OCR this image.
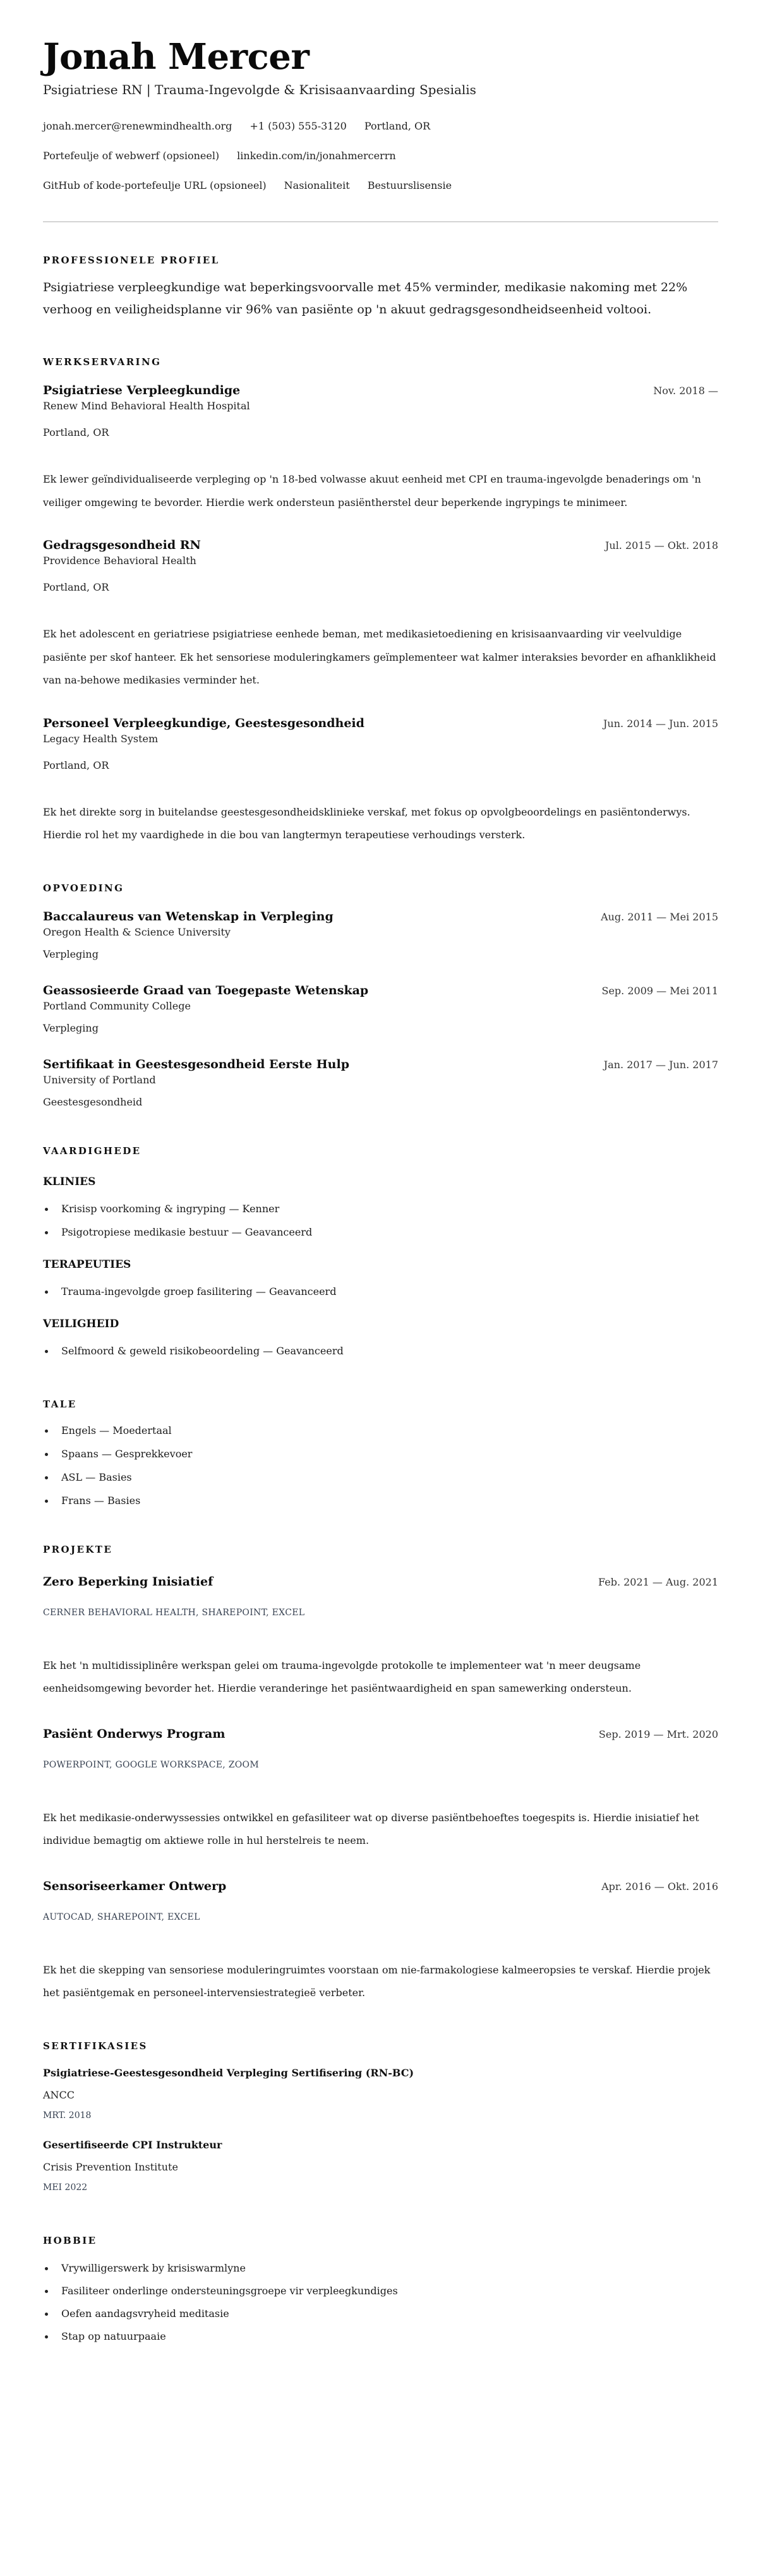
Jonah Mercer
Psigiatriese RN | Trauma-Ingevolgde & Krisisaanvaarding Spesialis
jonah.mercer@renewmindhealth.org +1 (503) 555-3120 Portland, OR
Portefeulje of webwerf (opsioneel) linkedin.com/in/jonahmercerrn
GitHub of kode-portefeulje URL (opsioneel) Nasionaliteit Bestuurslisensie
PROFESSIONELE PROFIEL

Psigiatriese verpleegkundige wat beperkingsvoorvalle met 45% verminder, medikasie nakoming met 22% verhoog en veiligheidsplanne vir 96% van pasiënte op 'n akuut gedragsgesondheidseenheid voltooi.

WERKSERVARING
Psigiatriese Verpleegkundige	Nov. 2018 —
Renew Mind Behavioral Health Hospital
Portland, OR

Ek lewer geïndividualiseerde verpleging op 'n 18-bed volwasse akuut eenheid met CPI en trauma-ingevolgde benaderings om 'n veiliger omgewing te bevorder. Hierdie werk ondersteun pasiëntherstel deur beperkende ingrypings te minimeer.

Gedragsgesondheid RN	Jul. 2015 — Okt. 2018
Providence Behavioral Health
Portland, OR

Ek het adolescent en geriatriese psigiatriese eenhede beman, met medikasietoediening en krisisaanvaarding vir veelvuldige pasiënte per skof hanteer. Ek het sensoriese moduleringkamers geïmplementeer wat kalmer interaksies bevorder en afhanklikheid van na-behowe medikasies verminder het.

Personeel Verpleegkundige, Geestesgesondheid	Jun. 2014 — Jun. 2015
Legacy Health System
Portland, OR

Ek het direkte sorg in buitelandse geestesgesondheidsklinieke verskaf, met fokus op opvolgbeoordelings en pasiëntonderwys. Hierdie rol het my vaardighede in die bou van langtermyn terapeutiese verhoudings versterk.

OPVOEDING
Baccalaureus van Wetenskap in Verpleging	Aug. 2011 — Mei 2015
Oregon Health & Science University
Verpleging
Geassosieerde Graad van Toegepaste Wetenskap	Sep. 2009 — Mei 2011
Portland Community College
Verpleging
Sertifikaat in Geestesgesondheid Eerste Hulp	Jan. 2017 — Jun. 2017
University of Portland
Geestesgesondheid
VAARDIGHEDE
KLINIES
Krisisp voorkoming & ingryping — Kenner
Psigotropiese medikasie bestuur — Geavanceerd
TERAPEUTIES
Trauma-ingevolgde groep fasilitering — Geavanceerd
VEILIGHEID
Selfmoord & geweld risikobeoordeling — Geavanceerd
TALE
Engels — Moedertaal
Spaans — Gesprekkevoer
ASL — Basies
Frans — Basies
PROJEKTE
Zero Beperking Inisiatief	Feb. 2021 — Aug. 2021
CERNER BEHAVIORAL HEALTH, SHAREPOINT, EXCEL

Ek het 'n multidissiplinêre werkspan gelei om trauma-ingevolgde protokolle te implementeer wat 'n meer deugsame eenheidsomgewing bevorder het. Hierdie veranderinge het pasiëntwaardigheid en span samewerking ondersteun.

Pasiënt Onderwys Program	Sep. 2019 — Mrt. 2020
POWERPOINT, GOOGLE WORKSPACE, ZOOM

Ek het medikasie-onderwyssessies ontwikkel en gefasiliteer wat op diverse pasiëntbehoeftes toegespits is. Hierdie inisiatief het individue bemagtig om aktiewe rolle in hul herstelreis te neem.

Sensoriseerkamer Ontwerp	Apr. 2016 — Okt. 2016
AUTOCAD, SHAREPOINT, EXCEL

Ek het die skepping van sensoriese moduleringruimtes voorstaan om nie-farmakologiese kalmeeropsies te verskaf. Hierdie projek het pasiëntgemak en personeel-intervensiestrategieë verbeter.

SERTIFIKASIES
Psigiatriese-Geestesgesondheid Verpleging Sertifisering (RN-BC)
ANCC
MRT. 2018
Gesertifiseerde CPI Instrukteur
Crisis Prevention Institute
MEI 2022
HOBBIE
Vrywilligerswerk by krisiswarmlyne
Fasiliteer onderlinge ondersteuningsgroepe vir verpleegkundiges
Oefen aandagsvryheid meditasie
Stap op natuurpaaie
